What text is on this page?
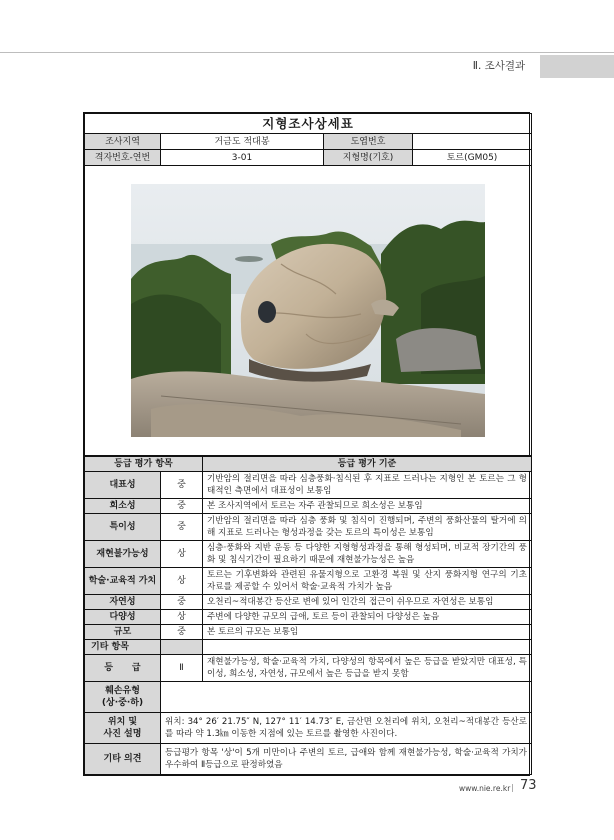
Ⅱ. 조사결과
지형조사상세표			
조사지역	거금도 적대봉	도엽번호	
격자번호-연번	3-01	지형명(기호)	토르(GM05)

등급 평가 항목		등급 평가 기준
대표성	중	기반암의 절리면을 따라 심층풍화·침식된 후 지표로 드러나는 지형인 본 토르는 그 형태적인 측면에서 대표성이 보통임
희소성	중	본 조사지역에서 토르는 자주 관찰되므로 희소성은 보통임
특이성	중	기반암의 절리면을 따라 심층 풍화 및 침식이 진행되며, 주변의 풍화산물의 탈거에 의해 지표로 드러나는 형성과정을 갖는 토르의 특이성은 보통임
재현불가능성	상	심층·풍화와 지반 운동 등 다양한 지형형성과정을 통해 형성되며, 비교적 장기간의 풍화 및 침식기간이 필요하기 때문에 재현불가능성은 높음
학술·교육적 가치	상	토르는 기후변화와 관련된 유물지형으로 고환경 복원 및 산지 풍화지형 연구의 기초 자료를 제공할 수 있어서 학술·교육적 가치가 높음
자연성	중	오천리~적대봉간 등산로 변에 있어 인간의 접근이 쉬우므로 자연성은 보통임
다양성	상	주변에 다양한 규모의 급애, 토르 등이 관찰되어 다양성은 높음
규모	중	본 토르의 규모는 보통임
기타 항목		
등      급	Ⅱ	재현불가능성, 학술·교육적 가치, 다양성의 항목에서 높은 등급을 받았지만 대표성, 특이성, 희소성, 자연성, 규모에서 높은 등급을 받지 못함
훼손유형
(상·중·하)		
위치 및
사진 설명	위치: 34° 26′ 21.75″ N, 127° 11′ 14.73″ E, 금산면 오천리에 위치, 오천리~적대봉간 등산로를 따라 약 1.3㎞ 이동한 지점에 있는 토르를 촬영한 사진이다.	
기타 의견	등급평가 항목 '상'이 5개 미만이나 주변의 토르, 급애와 함께 재현불가능성, 학술·교육적 가치가 우수하여 Ⅱ등급으로 판정하였음	
www.nie.re.kr | 73
